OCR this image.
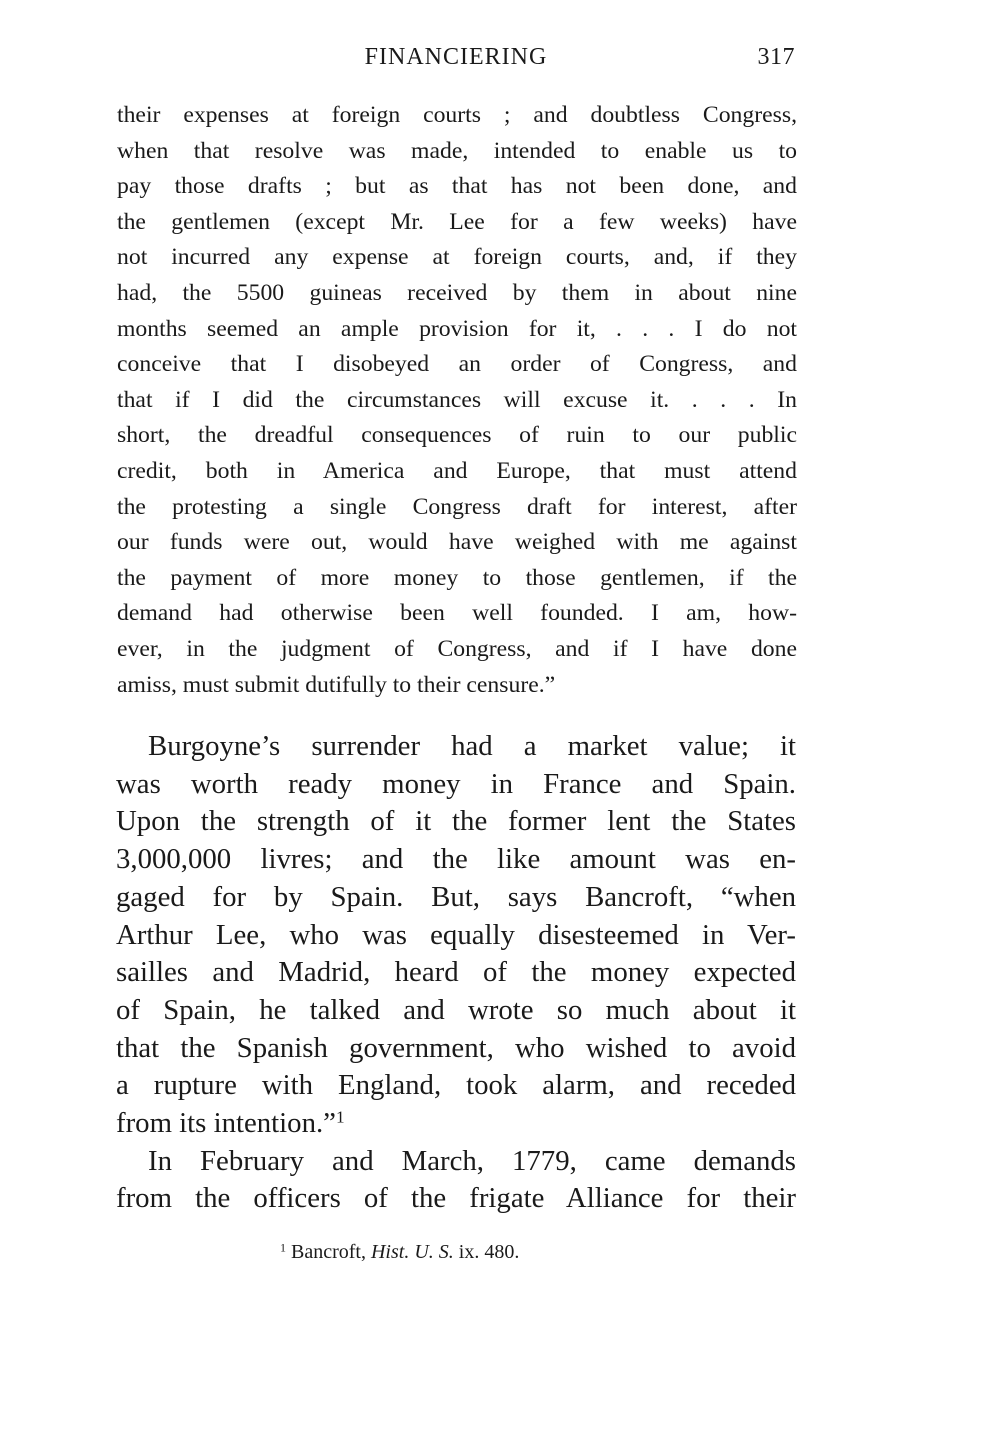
FINANCIERING	317
their expenses at foreign courts ; and doubtless Congress,
when that resolve was made, intended to enable us to
pay those drafts ; but as that has not been done, and
the gentlemen (except Mr. Lee for a few weeks) have
not incurred any expense at foreign courts, and, if they
had, the 5500 guineas received by them in about nine
months seemed an ample provision for it, . . . I do not
conceive that I disobeyed an order of Congress, and
that if I did the circumstances will excuse it. . . . In
short, the dreadful consequences of ruin to our public
credit, both in America and Europe, that must attend
the protesting a single Congress draft for interest, after
our funds were out, would have weighed with me against
the payment of more money to those gentlemen, if the
demand had otherwise been well founded. I am, how-
ever, in the judgment of Congress, and if I have done
amiss, must submit dutifully to their censure.”
Burgoyne’s surrender had a market value; it
was worth ready money in France and Spain.
Upon the strength of it the former lent the States
3,000,000 livres; and the like amount was en-
gaged for by Spain. But, says Bancroft, “when
Arthur Lee, who was equally disesteemed in Ver-
sailles and Madrid, heard of the money expected
of Spain, he talked and wrote so much about it
that the Spanish government, who wished to avoid
a rupture with England, took alarm, and receded
from its intention.”$^1$
In February and March, 1779, came demands
from the officers of the frigate Alliance for their
$^1$ Bancroft, Hist. U. S. ix. 480.
